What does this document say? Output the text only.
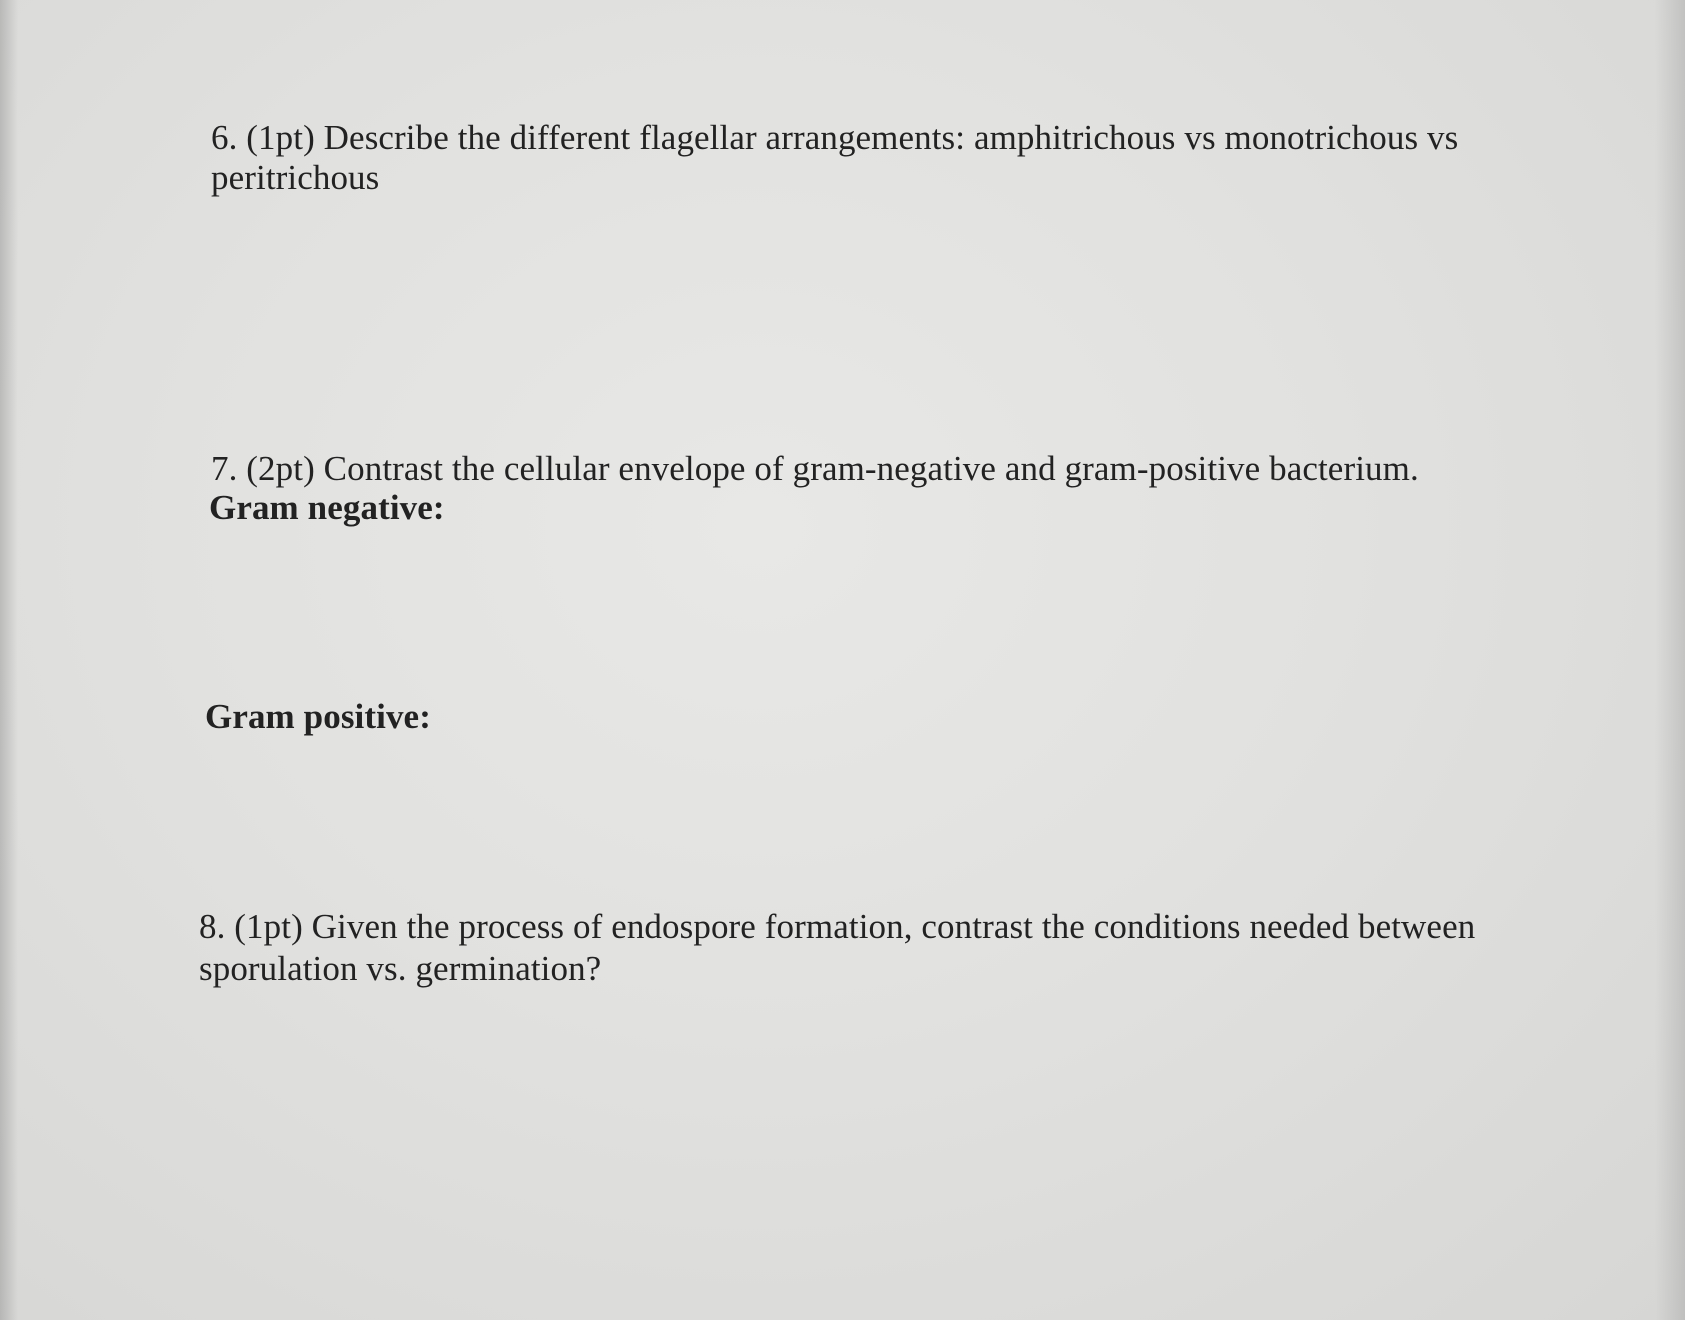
6. (1pt) Describe the different flagellar arrangements: amphitrichous vs monotrichous vs
peritrichous
7. (2pt) Contrast the cellular envelope of gram-negative and gram-positive bacterium.
Gram negative:
Gram positive:
8. (1pt) Given the process of endospore formation, contrast the conditions needed between
sporulation vs. germination?
